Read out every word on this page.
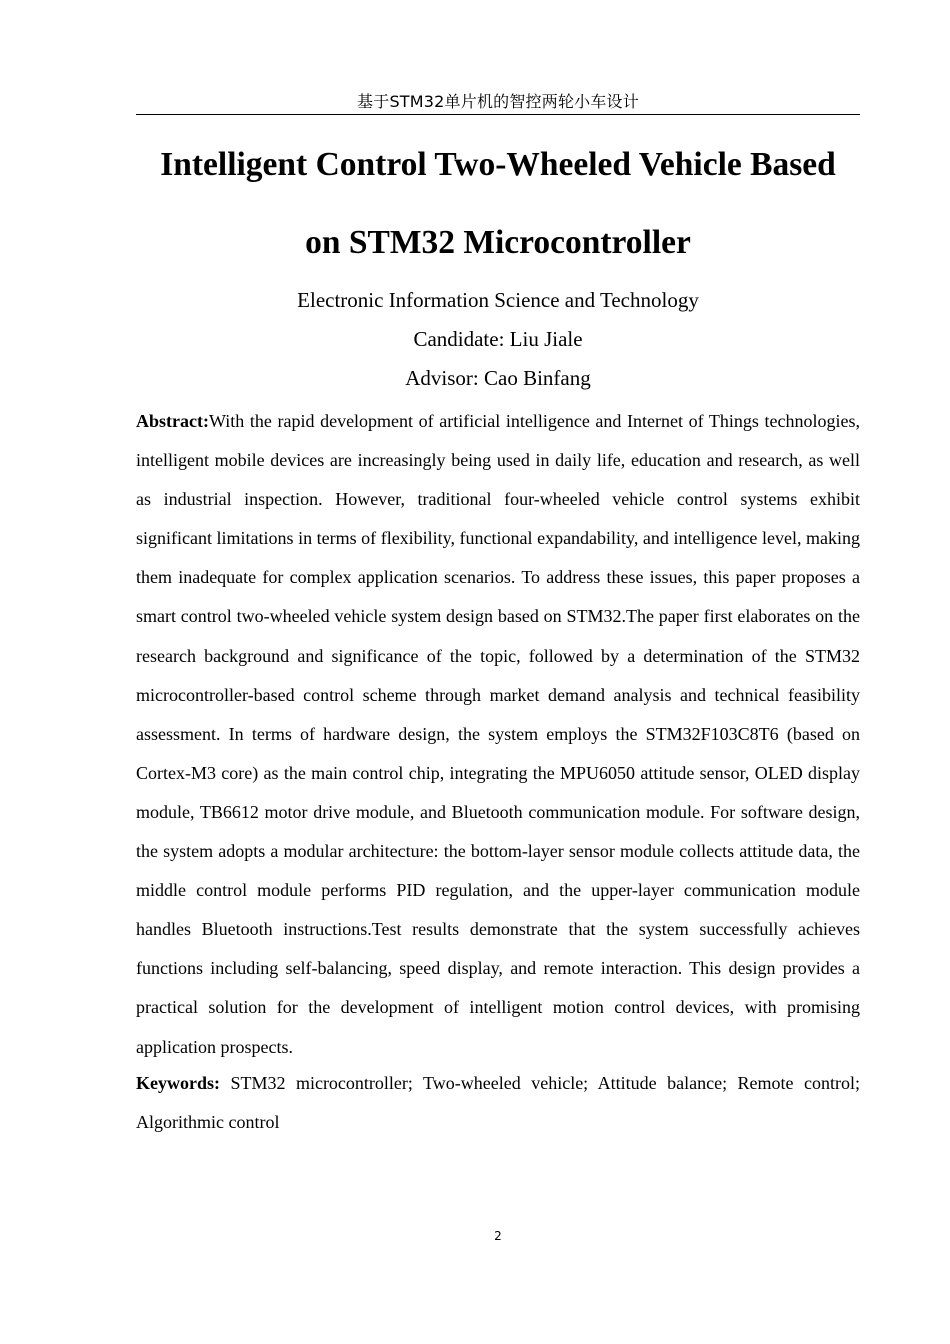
基于STM32单片机的智控两轮小车设计
Intelligent Control Two-Wheeled Vehicle Based
on STM32 Microcontroller
Electronic Information Science and Technology
Candidate: Liu Jiale
Advisor: Cao Binfang

Abstract:With the rapid development of artificial intelligence and Internet of Things technologies, intelligent mobile devices are increasingly being used in daily life, education and research, as well as industrial inspection. However, traditional four-wheeled vehicle control systems exhibit significant limitations in terms of flexibility, functional expandability, and intelligence level, making them inadequate for complex application scenarios. To address these issues, this paper proposes a smart control two-wheeled vehicle system design based on STM32.The paper first elaborates on the research background and significance of the topic, followed by a determination of the STM32 microcontroller-based control scheme through market demand analysis and technical feasibility assessment. In terms of hardware design, the system employs the STM32F103C8T6 (based on Cortex-M3 core) as the main control chip, integrating the MPU6050 attitude sensor, OLED display module, TB6612 motor drive module, and Bluetooth communication module. For software design, the system adopts a modular architecture: the bottom-layer sensor module collects attitude data, the middle control module performs PID regulation, and the upper-layer communication module handles Bluetooth instructions.Test results demonstrate that the system successfully achieves functions including self-balancing, speed display, and remote interaction. This design provides a practical solution for the development of intelligent motion control devices, with promising application prospects.

Keywords: STM32 microcontroller; Two-wheeled vehicle; Attitude balance; Remote control; Algorithmic control

2
